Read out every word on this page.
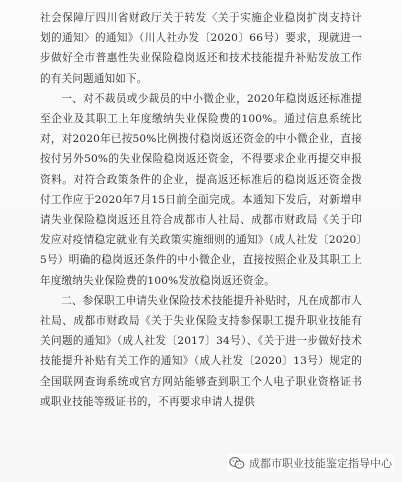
社会保障厅四川省财政厅关于转发〈关于实施企业稳岗扩岗支持计划的通知〉的通知》（川人社办发〔2020〕66号）要求，现就进一步做好全市普惠性失业保险稳岗返还和技术技能提升补贴发放工作的有关问题通知如下。

一、对不裁员或少裁员的中小微企业，2020年稳岗返还标准提至企业及其职工上年度缴纳失业保险费的100%。通过信息系统比对，对2020年已按50%比例拨付稳岗返还资金的中小微企业，直接按付另外50%的失业保险稳岗返还资金，不得要求企业再提交申报资料。对符合政策条件的企业，提高返还标准后的稳岗返还资金拨付工作应于2020年7月15日前全面完成。本通知下发后，对新增申请失业保险稳岗返还且符合成都市人社局、成都市财政局《关于印发应对疫情稳定就业有关政策实施细则的通知》（成人社发〔2020〕5号）明确的稳岗返还条件的中小微企业，直接按照企业及其职工上年度缴纳失业保险费的100%发放稳岗返还资金。

二、参保职工申请失业保险技术技能提升补贴时，凡在成都市人社局、成都市财政局《关于失业保险支持参保职工提升职业技能有关问题的通知》（成人社发〔2017〕34号）、《关于进一步做好技术技能提升补贴有关工作的通知》（成人社发〔2020〕13号）规定的全国联网查询系统或官方网站能够查到职工个人电子职业资格证书或职业技能等级证书的，不再要求申请人提供

成都市职业技能鉴定指导中心
